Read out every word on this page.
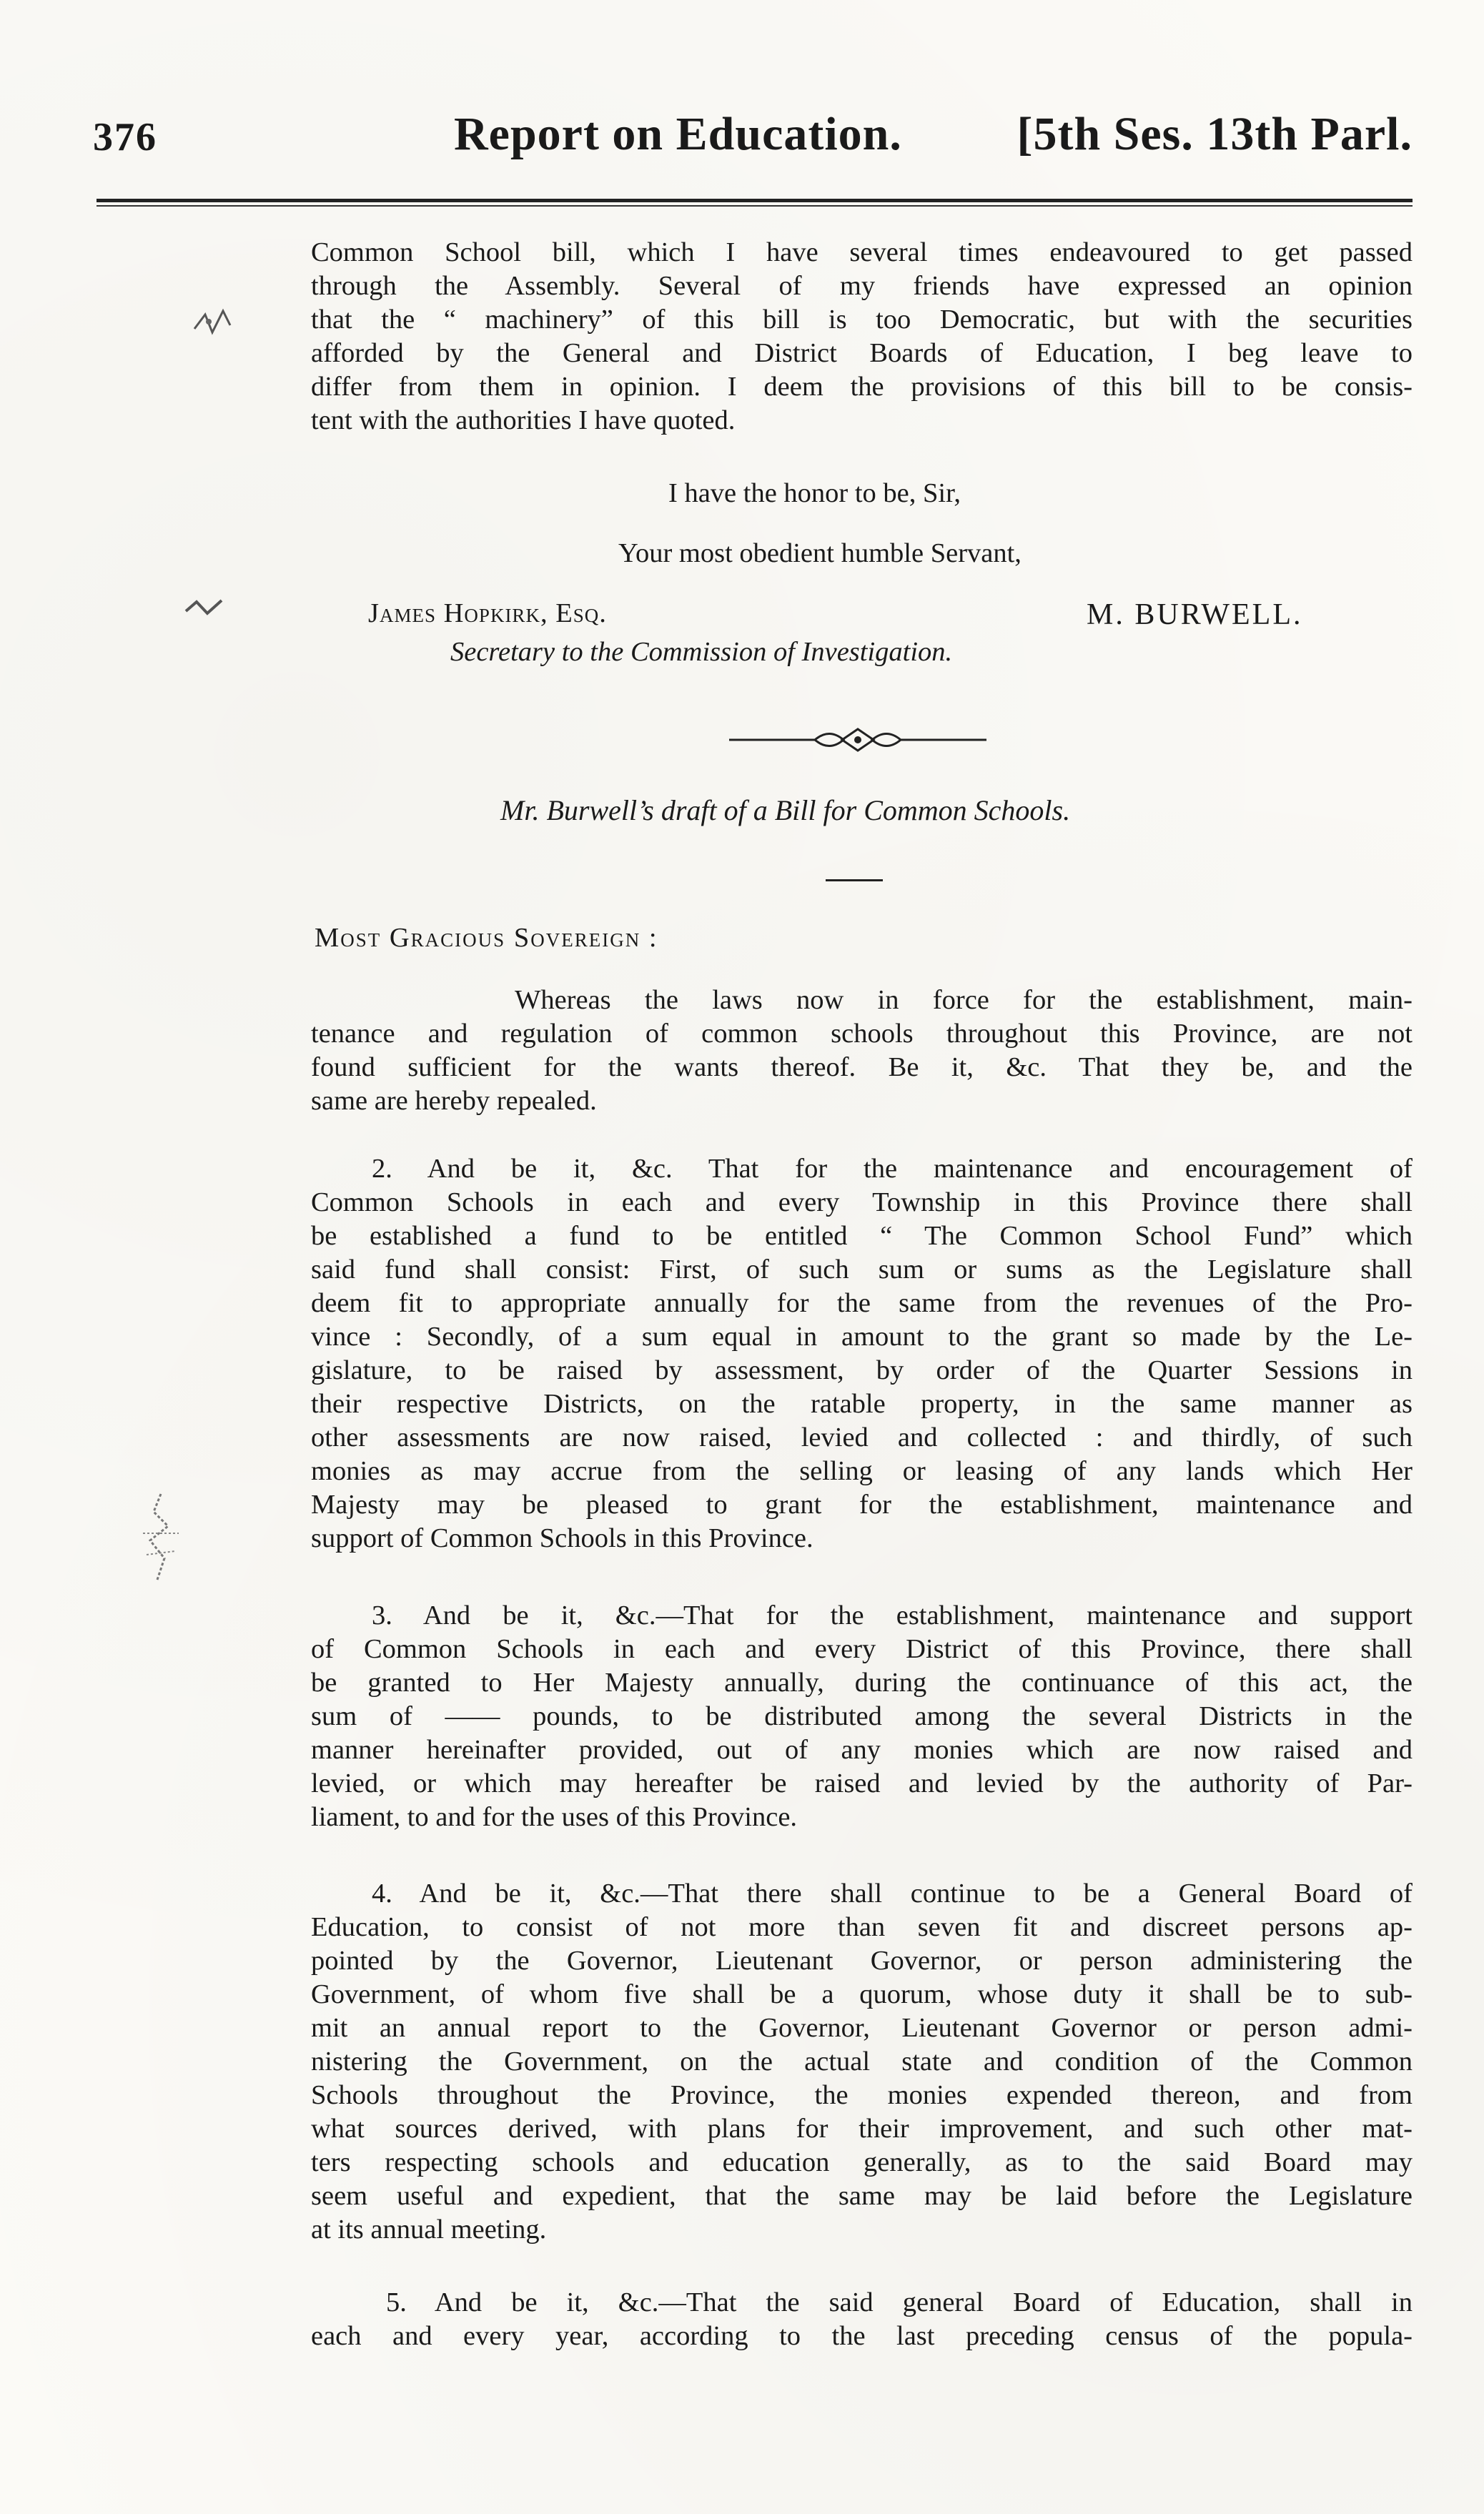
376	Report on Education. [5th Ses. 13th Parl.
Common School bill, which I have several times endeavoured to get passed
through the Assembly. Several of my friends have expressed an opinion
that the “ machinery” of this bill is too Democratic, but with the securities
afforded by the General and District Boards of Education, I beg leave to
differ from them in opinion. I deem the provisions of this bill to be consis-
tent with the authorities I have quoted.
I have the honor to be, Sir,
Your most obedient humble Servant,
James Hopkirk, Esq.
Secretary to the Commission of Investigation.
M. BURWELL.
Mr. Burwell’s draft of a Bill for Common Schools.
Most Gracious Sovereign :
Whereas the laws now in force for the establishment, main-
tenance and regulation of common schools throughout this Province, are not
found sufficient for the wants thereof. Be it, &c. That they be, and the
same are hereby repealed.
2. And be it, &c. That for the maintenance and encouragement of
Common Schools in each and every Township in this Province there shall
be established a fund to be entitled “ The Common School Fund” which
said fund shall consist: First, of such sum or sums as the Legislature shall
deem fit to appropriate annually for the same from the revenues of the Pro-
vince : Secondly, of a sum equal in amount to the grant so made by the Le-
gislature, to be raised by assessment, by order of the Quarter Sessions in
their respective Districts, on the ratable property, in the same manner as
other assessments are now raised, levied and collected : and thirdly, of such
monies as may accrue from the selling or leasing of any lands which Her
Majesty may be pleased to grant for the establishment, maintenance and
support of Common Schools in this Province.
3. And be it, &c.—That for the establishment, maintenance and support
of Common Schools in each and every District of this Province, there shall
be granted to Her Majesty annually, during the continuance of this act, the
sum of —— pounds, to be distributed among the several Districts in the
manner hereinafter provided, out of any monies which are now raised and
levied, or which may hereafter be raised and levied by the authority of Par-
liament, to and for the uses of this Province.
4. And be it, &c.—That there shall continue to be a General Board of
Education, to consist of not more than seven fit and discreet persons ap-
pointed by the Governor, Lieutenant Governor, or person administering the
Government, of whom five shall be a quorum, whose duty it shall be to sub-
mit an annual report to the Governor, Lieutenant Governor or person admi-
nistering the Government, on the actual state and condition of the Common
Schools throughout the Province, the monies expended thereon, and from
what sources derived, with plans for their improvement, and such other mat-
ters respecting schools and education generally, as to the said Board may
seem useful and expedient, that the same may be laid before the Legislature
at its annual meeting.
5. And be it, &c.—That the said general Board of Education, shall in
each and every year, according to the last preceding census of the popula-
